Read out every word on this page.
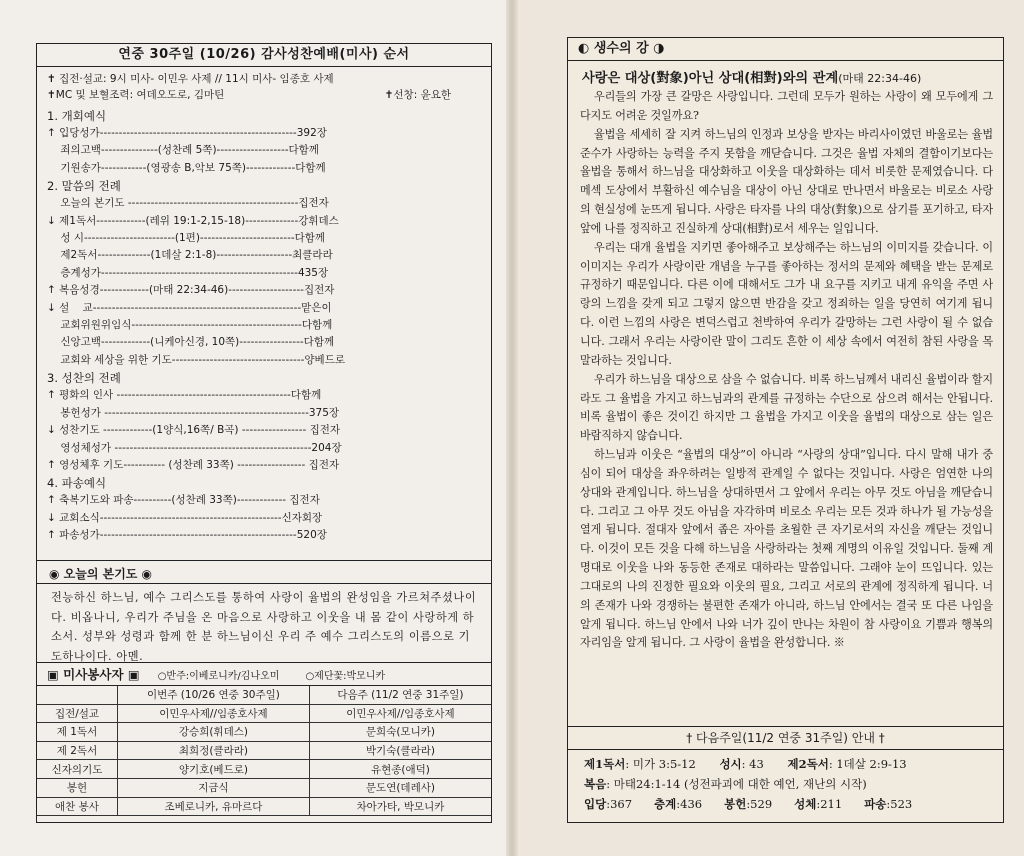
연중 30주일 (10/26) 감사성찬예배(미사) 순서
✝ 집전·설교: 9시 미사- 이민우 사제 // 11시 미사- 임종호 사제
✝MC 및 보혈조력: 여데오도로, 김마틴	✝선창: 윤요한
1. 개회예식
↑ 입당성가----------------------------------------------------392장
죄의고백---------------(성찬례 5쪽)-------------------다함께
기원송가------------(영광송 B,악보 75쪽)-------------다함께
2. 말씀의 전례
오늘의 본기도 ---------------------------------------------집전자
↓ 제1독서-------------(레위 19:1-2,15-18)--------------강휘데스
성 시------------------------(1편)-------------------------다함께
제2독서--------------(1데살 2:1-8)--------------------최클라라
층계성가----------------------------------------------------435장
↑ 복음성경-------------(마태 22:34-46)--------------------집전자
↓ 설    교-------------------------------------------------------맡은이
교회위원위임식---------------------------------------------다함께
신앙고백-------------(니케아신경, 10쪽)-----------------다함께
교회와 세상을 위한 기도-----------------------------------양베드로
3. 성찬의 전례
↑ 평화의 인사 ----------------------------------------------다함께
봉헌성가 ------------------------------------------------------375장
↓ 성찬기도 -------------(1양식,16쪽/ B곡) ----------------- 집전자
영성체성가 ----------------------------------------------------204장
↑ 영성체후 기도----------- (성찬례 33쪽) ------------------ 집전자
4. 파송예식
↑ 축복기도와 파송----------(성찬례 33쪽)------------- 집전자
↓ 교회소식------------------------------------------------신자회장
↑ 파송성가----------------------------------------------------520장
◉ 오늘의 본기도 ◉
전능하신 하느님, 예수 그리스도를 통하여 사랑이 율법의 완성임을 가르쳐주셨나이다. 비옵나니, 우리가 주님을 온 마음으로 사랑하고 이웃을 내 몸 같이 사랑하게 하소서. 성부와 성령과 함께 한 분 하느님이신 우리 주 예수 그리스도의 이름으로 기도하나이다. 아멘.
▣ 미사봉사자 ▣ ○반주:이베로니카/김나오미	○제단꽃:박모니카
	이번주 (10/26 연중 30주일)	다음주 (11/2 연중 31주일)
집전/설교	이민우사제//임종호사제	이민우사제//임종호사제
제 1독서	강승희(휘데스)	문희숙(모니카)
제 2독서	최희정(클라라)	박기숙(클라라)
신자의기도	양기호(베드로)	유현종(애덕)
봉헌	지금식	문도연(데레사)
애찬 봉사	조베로니카, 유마르다	차아가타, 박모니카
◐ 생수의 강 ◑
사랑은 대상(對象)아닌 상대(相對)와의 관계(마태 22:34-46)

우리들의 가장 큰 갈망은 사랑입니다. 그런데 모두가 원하는 사랑이 왜 모두에게 그다지도 어려운 것일까요?

율법을 세세히 잘 지켜 하느님의 인정과 보상을 받자는 바리사이였던 바울로는 율법준수가 사랑하는 능력을 주지 못함을 깨닫습니다. 그것은 율법 자체의 결함이기보다는 율법을 통해서 하느님을 대상화하고 이웃을 대상화하는 데서 비롯한 문제였습니다. 다메섹 도상에서 부활하신 예수님을 대상이 아닌 상대로 만나면서 바울로는 비로소 사랑의 현실성에 눈뜨게 됩니다. 사랑은 타자를 나의 대상(對象)으로 삼기를 포기하고, 타자 앞에 나를 정직하고 진실하게 상대(相對)로서 세우는 일입니다.

우리는 대개 율법을 지키면 좋아해주고 보상해주는 하느님의 이미지를 갖습니다. 이 이미지는 우리가 사랑이란 개념을 누구를 좋아하는 정서의 문제와 혜택을 받는 문제로 규정하기 때문입니다. 다른 이에 대해서도 그가 내 요구를 지키고 내게 유익을 주면 사랑의 느낌을 갖게 되고 그렇지 않으면 반감을 갖고 정죄하는 일을 당연히 여기게 됩니다. 이런 느낌의 사랑은 변덕스럽고 천박하여 우리가 갈망하는 그런 사랑이 될 수 없습니다. 그래서 우리는 사랑이란 말이 그리도 흔한 이 세상 속에서 여전히 참된 사랑을 목말라하는 것입니다.

우리가 하느님을 대상으로 삼을 수 없습니다. 비록 하느님께서 내리신 율법이라 할지라도 그 율법을 가지고 하느님과의 관계를 규정하는 수단으로 삼으려 해서는 안됩니다. 비록 율법이 좋은 것이긴 하지만 그 율법을 가지고 이웃을 율법의 대상으로 삼는 일은 바람직하지 않습니다.

하느님과 이웃은 “율법의 대상”이 아니라 “사랑의 상대”입니다. 다시 말해 내가 중심이 되어 대상을 좌우하려는 일방적 관계일 수 없다는 것입니다. 사랑은 엄연한 나의 상대와 관계입니다. 하느님을 상대하면서 그 앞에서 우리는 아무 것도 아님을 깨닫습니다. 그리고 그 아무 것도 아님을 자각하며 비로소 우리는 모든 것과 하나가 될 가능성을 열게 됩니다. 절대자 앞에서 좁은 자아를 초월한 큰 자기로서의 자신을 깨닫는 것입니다. 이것이 모든 것을 다해 하느님을 사랑하라는 첫째 계명의 이유일 것입니다. 둘째 계명대로 이웃을 나와 동등한 존재로 대하라는 말씀입니다. 그래야 눈이 뜨입니다. 있는 그대로의 나의 진정한 필요와 이웃의 필요, 그리고 서로의 관계에 정직하게 됩니다. 너의 존재가 나와 경쟁하는 불편한 존재가 아니라, 하느님 안에서는 결국 또 다른 나임을 알게 됩니다. 하느님 안에서 나와 너가 깊이 만나는 차원이 참 사랑이요 기쁨과 행복의 자리임을 알게 됩니다. 그 사랑이 율법을 완성합니다. ※

† 다음주일(11/2 연중 31주일) 안내 †
제1독서: 미가 3:5-12 성시: 43 제2독서: 1데살 2:9-13
복음: 마태24:1-14 (성전파괴에 대한 예언, 재난의 시작)
입당:367 층계:436 봉헌:529 성체:211 파송:523
